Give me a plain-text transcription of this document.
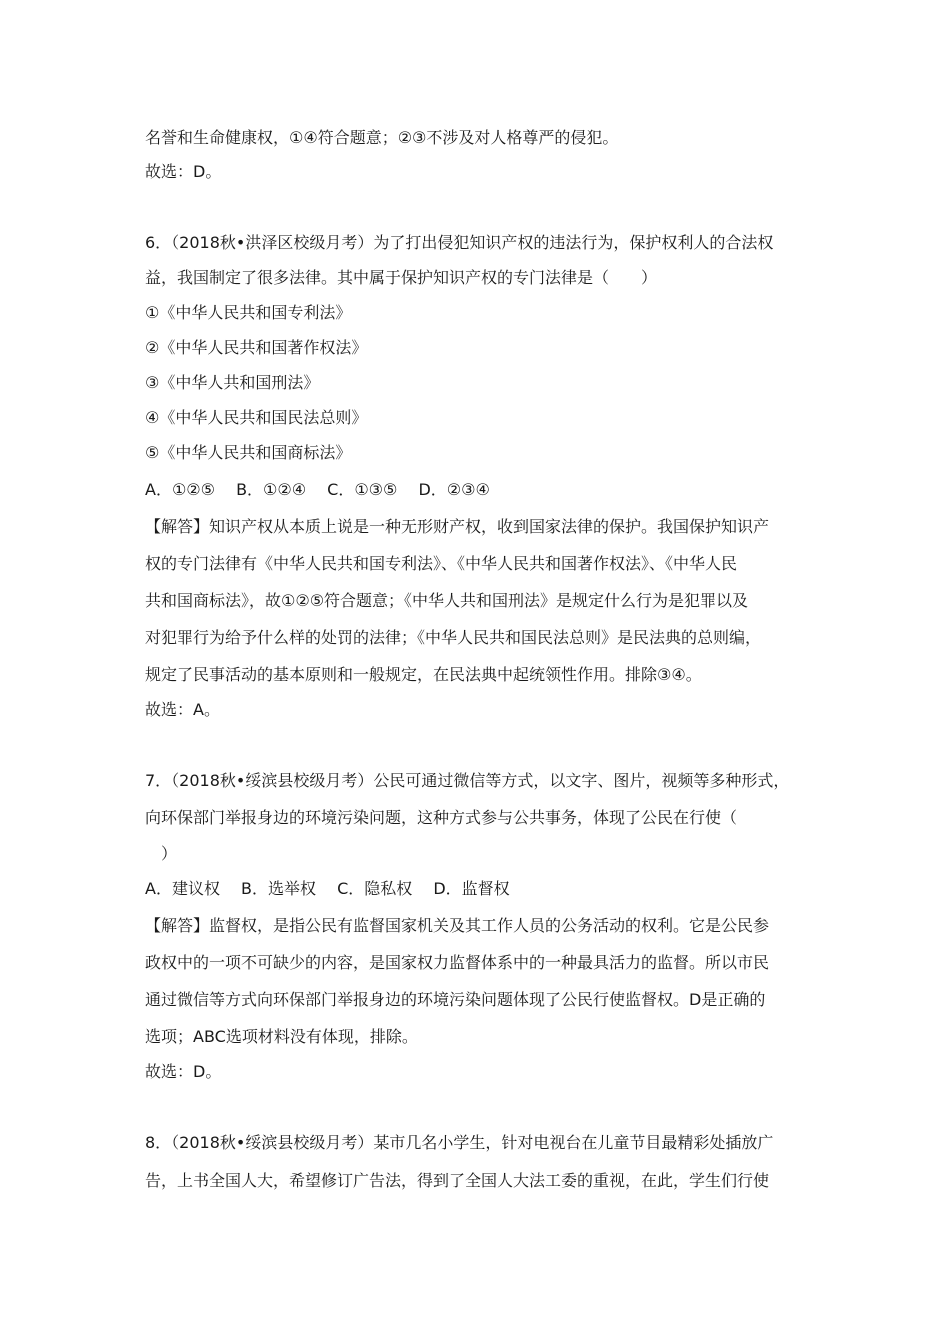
名誉和生命健康权，①④符合题意；②③不涉及对人格尊严的侵犯。
故选：D。
6．（2018秋•洪泽区校级月考）为了打出侵犯知识产权的违法行为，保护权利人的合法权
益，我国制定了很多法律。其中属于保护知识产权的专门法律是（　　）
①《中华人民共和国专利法》
②《中华人民共和国著作权法》
③《中华人共和国刑法》
④《中华人民共和国民法总则》
⑤《中华人民共和国商标法》
A．①②⑤　 B．①②④　 C．①③⑤　 D．②③④
【解答】知识产权从本质上说是一种无形财产权，收到国家法律的保护。我国保护知识产
权的专门法律有《中华人民共和国专利法》、《中华人民共和国著作权法》、《中华人民
共和国商标法》，故①②⑤符合题意；《中华人共和国刑法》是规定什么行为是犯罪以及
对犯罪行为给予什么样的处罚的法律；《中华人民共和国民法总则》是民法典的总则编，
规定了民事活动的基本原则和一般规定，在民法典中起统领性作用。排除③④。
故选：A。
7．（2018秋•绥滨县校级月考）公民可通过微信等方式，以文字、图片，视频等多种形式，
向环保部门举报身边的环境污染问题，这种方式参与公共事务，体现了公民在行使（
　）
A．建议权　 B．选举权　 C．隐私权　 D．监督权
【解答】监督权，是指公民有监督国家机关及其工作人员的公务活动的权利。它是公民参
政权中的一项不可缺少的内容，是国家权力监督体系中的一种最具活力的监督。所以市民
通过微信等方式向环保部门举报身边的环境污染问题体现了公民行使监督权。D是正确的
选项；ABC选项材料没有体现，排除。
故选：D。
8．（2018秋•绥滨县校级月考）某市几名小学生，针对电视台在儿童节目最精彩处插放广
告，上书全国人大，希望修订广告法，得到了全国人大法工委的重视，在此，学生们行使
